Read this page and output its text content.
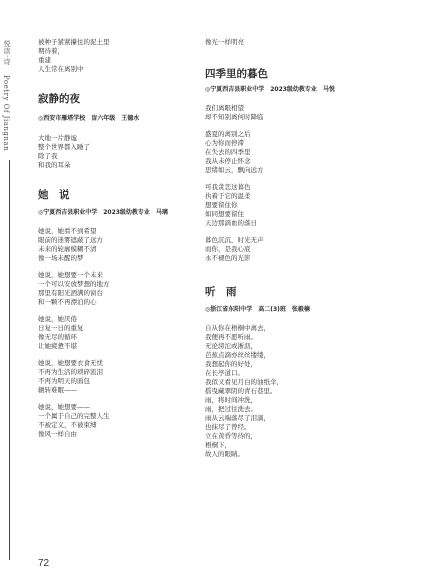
悦读·诗
Poetry Of Jiangnan
被种子紧紧攥住的泥土里
期待着，
重建
人生常在离别中
寂静的夜
◎西安市雁塔学校　盲六年级　王德水
大地一片静谧
整个世界都入睡了
除了我
和我的耳朵
她　说
◎宁夏西吉县职业中学　2023级幼教专业　马璃
她说，她看不到希望
眼前的迷雾遮蔽了远方
未来的轮廓模糊不清
像一场未醒的梦
她说，她想要一个未来
一个可以安放梦想的地方
那里有阳光洒满的窗台
和一颗不再漂泊的心
她说，她厌倦
日复一日的重复
像无尽的循环
让她疲惫不堪
她说，她想要衣食无忧
不再为生活的琐碎流泪
不再为明天的面包
辗转难眠——
她说，她想要——
一个属于自己的完整人生
不被定义，不被束缚
像风一样自由
像光一样明亮
四季里的暮色
◎宁夏西吉县职业中学　2023级幼教专业　马悦
我们离眼相望
却不知别离何时降临
盛夏的离别之后
心为你而停滞
在失去的四季里
我从未停止怀念
思绪如云，飘向远方
可我贪恋这暮色
执着于它的温柔
想要留住你
如同想要留住
天边那滴血的落日
暮色沉沉，时光无声
而你，是我心底
永不褪色的光影
听　雨
◎浙江省东阳中学　高二(3)班　张毅楠
自从你在梧桐中离去，
我便再不愿听雨。
无论滂沱或淅沥，
芭蕉点滴亦丝丝缕缕，
我想起你的好处，
在长亭道口。
我似又看见月白的油纸伞，
摇曳藏翠阴的青石巷里。
雨，将时间冲洗，
雨，把过往洗去。
雨从云端落尽了泪滴，
也抹尽了曾经。
立在黄昏等待的，
梧桐下，
故人的眼睛。
72
